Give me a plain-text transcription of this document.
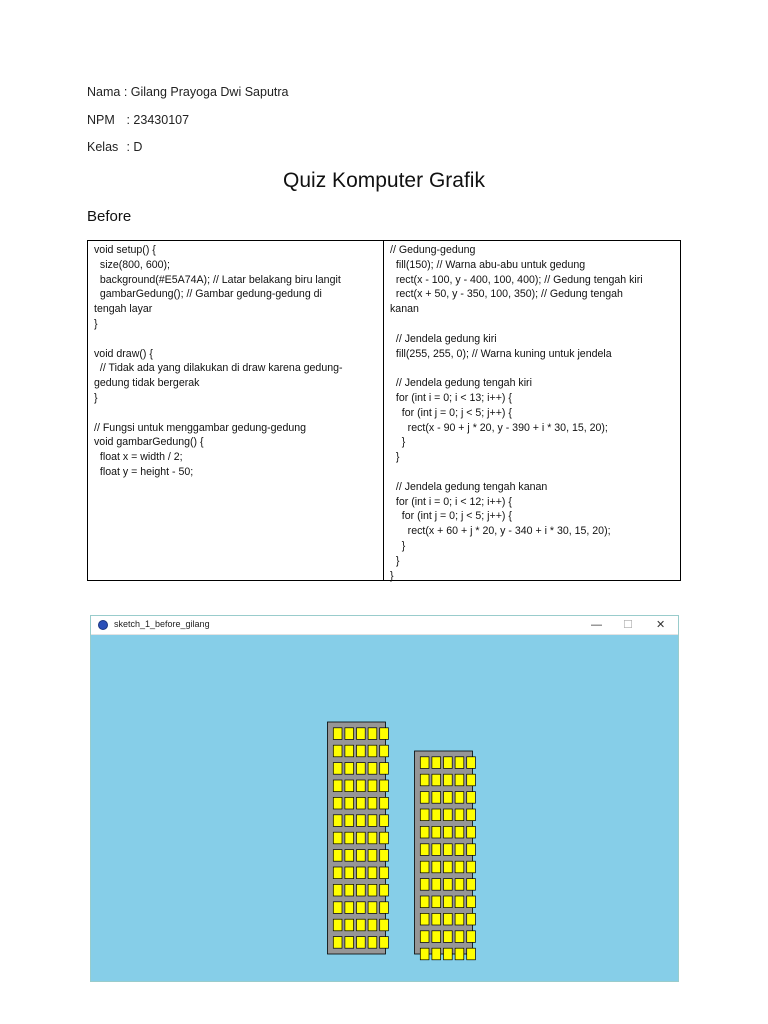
Nama : Gilang Prayoga Dwi Saputra
NPM : 23430107
Kelas : D
Quiz Komputer Grafik
Before
void setup() {
size(800, 600);
background(#E5A74A); // Latar belakang biru langit
gambarGedung(); // Gambar gedung-gedung di
tengah layar
}
void draw() {
// Tidak ada yang dilakukan di draw karena gedung-
gedung tidak bergerak
}
// Fungsi untuk menggambar gedung-gedung
void gambarGedung() {
float x = width / 2;
float y = height - 50;
// Gedung-gedung
fill(150); // Warna abu-abu untuk gedung
rect(x - 100, y - 400, 100, 400); // Gedung tengah kiri
rect(x + 50, y - 350, 100, 350); // Gedung tengah
kanan
// Jendela gedung kiri
fill(255, 255, 0); // Warna kuning untuk jendela
// Jendela gedung tengah kiri
for (int i = 0; i < 13; i++) {
for (int j = 0; j < 5; j++) {
rect(x - 90 + j * 20, y - 390 + i * 30, 15, 20);
}
}
// Jendela gedung tengah kanan
for (int i = 0; i < 12; i++) {
for (int j = 0; j < 5; j++) {
rect(x + 60 + j * 20, y - 340 + i * 30, 15, 20);
}
}
}
sketch_1_before_gilang	— ☐ ✕
